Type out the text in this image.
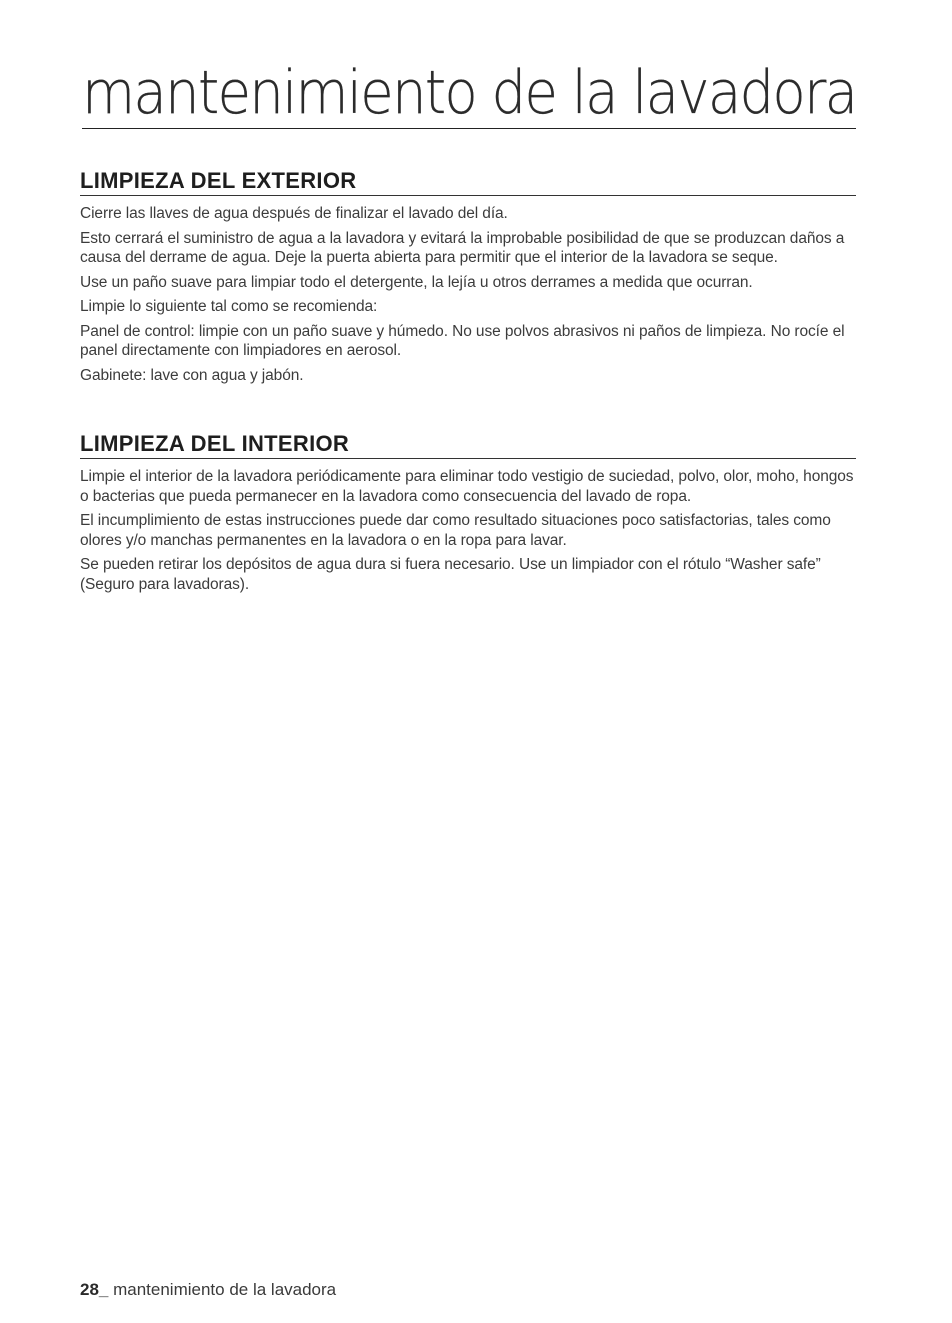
mantenimiento de la lavadora
LIMPIEZA DEL EXTERIOR

Cierre las llaves de agua después de finalizar el lavado del día.

Esto cerrará el suministro de agua a la lavadora y evitará la improbable posibilidad de que se produzcan daños a causa del derrame de agua. Deje la puerta abierta para permitir que el interior de la lavadora se seque.

Use un paño suave para limpiar todo el detergente, la lejía u otros derrames a medida que ocurran.

Limpie lo siguiente tal como se recomienda:

Panel de control: limpie con un paño suave y húmedo. No use polvos abrasivos ni paños de limpieza. No rocíe el panel directamente con limpiadores en aerosol.

Gabinete: lave con agua y jabón.

LIMPIEZA DEL INTERIOR

Limpie el interior de la lavadora periódicamente para eliminar todo vestigio de suciedad, polvo, olor, moho, hongos o bacterias que pueda permanecer en la lavadora como consecuencia del lavado de ropa.

El incumplimiento de estas instrucciones puede dar como resultado situaciones poco satisfactorias, tales como olores y/o manchas permanentes en la lavadora o en la ropa para lavar.

Se pueden retirar los depósitos de agua dura si fuera necesario. Use un limpiador con el rótulo “Washer safe” (Seguro para lavadoras).

28_ mantenimiento de la lavadora
